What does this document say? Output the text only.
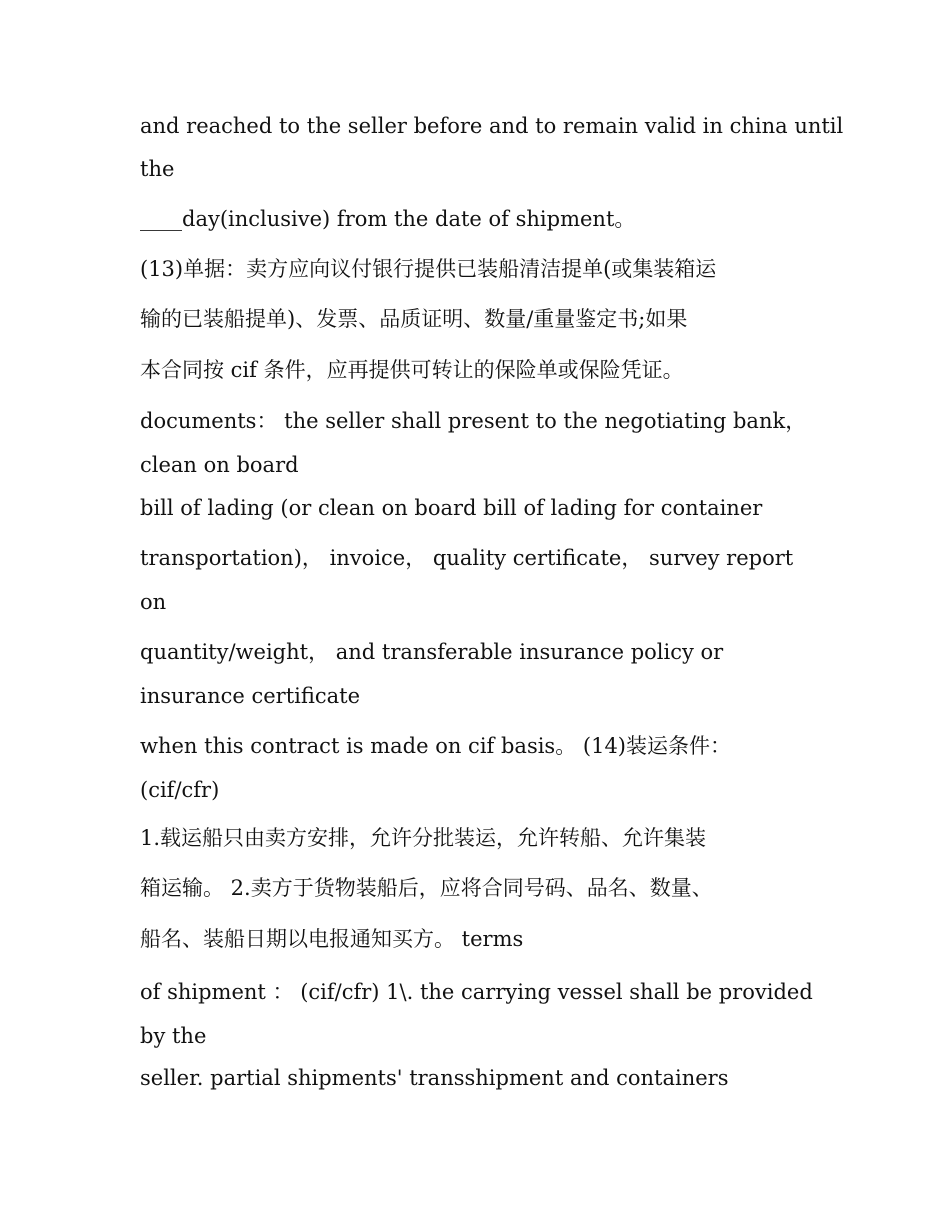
and reached to the seller before and to remain valid in china until

the

____day(inclusive) from the date of shipment。

(13)单据：卖方应向议付银行提供已装船清洁提单(或集装箱运

输的已装船提单)、发票、品质证明、数量/重量鉴定书;如果

本合同按 cif 条件，应再提供可转让的保险单或保险凭证。

documents： the seller shall present to the negotiating bank，

clean on board

bill of lading (or clean on board bill of lading for container

transportation)， invoice， quality certificate， survey report

on

quantity/weight， and transferable insurance policy or

insurance certificate

when this contract is made on cif basis。 (14)装运条件：

(cif/cfr)

1.载运船只由卖方安排，允许分批装运，允许转船、允许集装

箱运输。 2.卖方于货物装船后，应将合同号码、品名、数量、

船名、装船日期以电报通知买方。 terms

of shipment ： (cif/cfr) 1\. the carrying vessel shall be provided

by the

seller. partial shipments' transshipment and containers
